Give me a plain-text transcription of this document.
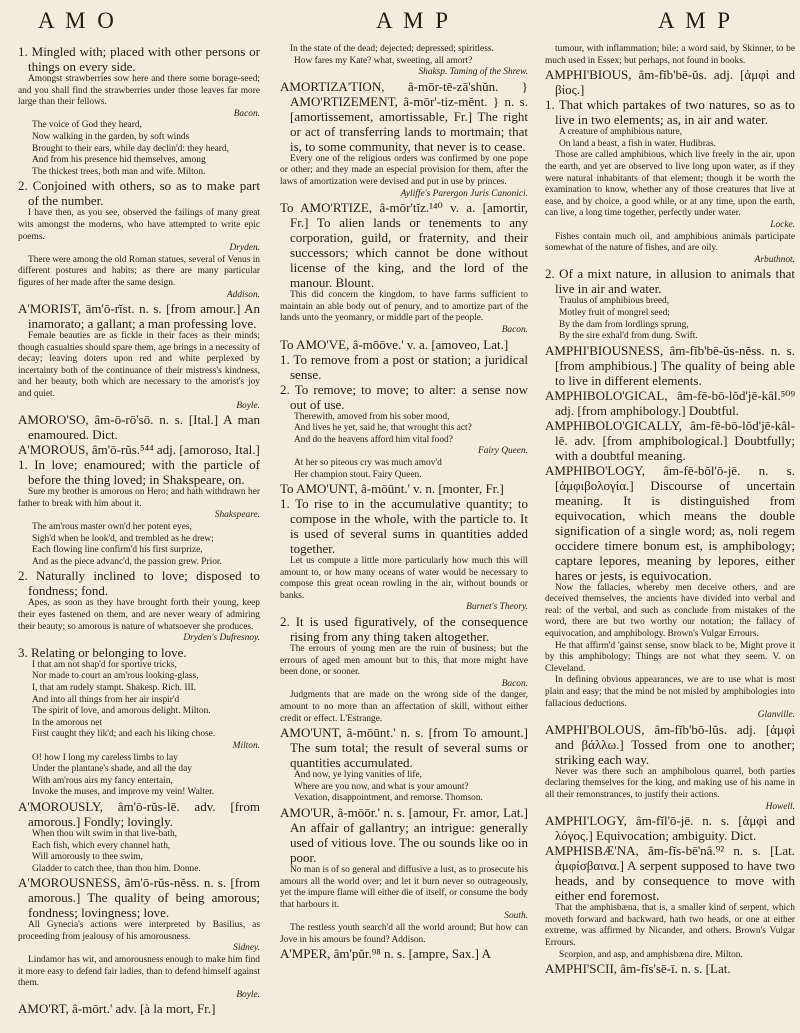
A M O	A M P	A M P

1. Mingled with; placed with other persons or things on every side.

Amongst strawberries sow here and there some borage-seed; and you shall find the strawberries under those leaves far more large than their fellows.

Bacon.

The voice of God they heard,

Now walking in the garden, by soft winds

Brought to their ears, while day declin'd: they heard,

And from his presence hid themselves, among

The thickest trees, both man and wife. Milton.

2. Conjoined with others, so as to make part of the number.

I have then, as you see, observed the failings of many great wits amongst the moderns, who have attempted to write epic poems.

Dryden.

There were among the old Roman statues, several of Venus in different postures and habits; as there are many particular figures of her made after the same design.

Addison.

A'MORIST, ām'ō-rĭst. n. s. [from amour.] An inamorato; a gallant; a man professing love.

Female beauties are as fickle in their faces as their minds; though casualties should spare them, age brings in a necessity of decay; leaving doters upon red and white perplexed by incertainty both of the continuance of their mistress's kindness, and her beauty, both which are necessary to the amorist's joy and quiet.

Boyle.

AMORO'SO, âm-ō-rō'sō. n. s. [Ital.] A man enamoured. Dict.

A'MOROUS, âm'ō-rŭs.⁵⁴⁴ adj. [amoroso, Ital.]

1. In love; enamoured; with the particle of before the thing loved; in Shakspeare, on.

Sure my brother is amorous on Hero; and hath withdrawn her father to break with him about it.

Shakspeare.

The am'rous master own'd her potent eyes,

Sigh'd when he look'd, and trembled as he drew;

Each flowing line confirm'd his first surprize,

And as the piece advanc'd, the passion grew. Prior.

2. Naturally inclined to love; disposed to fondness; fond.

Apes, as soon as they have brought forth their young, keep their eyes fastened on them, and are never weary of admiring their beauty; so amorous is nature of whatsoever she produces.

Dryden's Dufresnoy.

3. Relating or belonging to love.

I that am not shap'd for sportive tricks,

Nor made to court an am'rous looking-glass,

I, that am rudely stampt. Shakesp. Rich. III.

And into all things from her air inspir'd

The spirit of love, and amorous delight. Milton.

In the amorous net

First caught they lik'd; and each his liking chose.

Milton.

O! how I long my careless limbs to lay

Under the plantane's shade, and all the day

With am'rous airs my fancy entertain,

Invoke the muses, and improve my vein! Walter.

A'MOROUSLY, âm'ō-rŭs-lē. adv. [from amorous.] Fondly; lovingly.

When thou wilt swim in that live-bath,

Each fish, which every channel hath,

Will amorously to thee swim,

Gladder to catch thee, than thou him. Donne.

A'MOROUSNESS, âm'ō-rŭs-nĕss. n. s. [from amorous.] The quality of being amorous; fondness; lovingness; love.

All Gynecia's actions were interpreted by Basilius, as proceeding from jealousy of his amorousness.

Sidney.

Lindamor has wit, and amorousness enough to make him find it more easy to defend fair ladies, than to defend himself against them.

Boyle.

AMO'RT, â-mōrt.' adv. [à la mort, Fr.]

In the state of the dead; dejected; depressed; spiritless.

How fares my Kate? what, sweeting, all amort?

Shaksp. Taming of the Shrew.

AMORTIZA'TION, â-mōr-tē-zā'shŭn. } AMO'RTIZEMENT, â-mōr'-tiz-mĕnt. } n. s. [amortissement, amortissable, Fr.] The right or act of transferring lands to mortmain; that is, to some community, that never is to cease.

Every one of the religious orders was confirmed by one pope or other; and they made an especial provision for them, after the laws of amortization were devised and put in use by princes.

Ayliffe's Parergon Juris Canonici.

To AMO'RTIZE, â-mōr'tĭz.¹⁴⁰ v. a. [amortir, Fr.] To alien lands or tenements to any corporation, guild, or fraternity, and their successors; which cannot be done without license of the king, and the lord of the manour. Blount.

This did concern the kingdom, to have farms sufficient to maintain an able body out of penury, and to amortize part of the lands unto the yeomanry, or middle part of the people.

Bacon.

To AMO'VE, â-mōōve.' v. a. [amoveo, Lat.]

1. To remove from a post or station; a juridical sense.

2. To remove; to move; to alter: a sense now out of use.

Therewith, amoved from his sober mood,

And lives he yet, said he, that wrought this act?

And do the heavens afford him vital food?

Fairy Queen.

At her so piteous cry was much amov'd

Her champion stout. Fairy Queen.

To AMO'UNT, â-mōūnt.' v. n. [monter, Fr.]

1. To rise to in the accumulative quantity; to compose in the whole, with the particle to. It is used of several sums in quantities added together.

Let us compute a little more particularly how much this will amount to, or how many oceans of water would be necessary to compose this great ocean rowling in the air, without bounds or banks.

Burnet's Theory.

2. It is used figuratively, of the consequence rising from any thing taken altogether.

The errours of young men are the ruin of business; but the errours of aged men amount but to this, that more might have been done, or sooner.

Bacon.

Judgments that are made on the wrong side of the danger, amount to no more than an affectation of skill, without either credit or effect. L'Estrange.

AMO'UNT, â-mōūnt.' n. s. [from To amount.] The sum total; the result of several sums or quantities accumulated.

And now, ye lying vanities of life,

Where are you now, and what is your amount?

Vexation, disappointment, and remorse. Thomson.

AMO'UR, â-mōōr.' n. s. [amour, Fr. amor, Lat.] An affair of gallantry; an intrigue: generally used of vitious love. The ou sounds like oo in poor.

No man is of so general and diffusive a lust, as to prosecute his amours all the world over; and let it burn never so outrageously, yet the impure flame will either die of itself, or consume the body that harbours it.

South.

The restless youth search'd all the world around; But how can Jove in his amours be found? Addison.

A'MPER, âm'pŭr.⁹⁸ n. s. [ampre, Sax.] A

tumour, with inflammation; bile: a word said, by Skinner, to be much used in Essex; but perhaps, not found in books.

AMPHI'BIOUS, âm-fĭb'bē-ŭs. adj. [ἀμφὶ and βίος.]

1. That which partakes of two natures, so as to live in two elements; as, in air and water.

A creature of amphibious nature,

On land a beast, a fish in water. Hudibras.

Those are called amphibious, which live freely in the air, upon the earth, and yet are observed to live long upon water, as if they were natural inhabitants of that element; though it be worth the examination to know, whether any of those creatures that live at ease, and by choice, a good while, or at any time, upon the earth, can live, a long time together, perfectly under water.

Locke.

Fishes contain much oil, and amphibious animals participate somewhat of the nature of fishes, and are oily.

Arbuthnot.

2. Of a mixt nature, in allusion to animals that live in air and water.

Traulus of amphibious breed,

Motley fruit of mongrel seed;

By the dam from lordlings sprung,

By the sire exhal'd from dung. Swift.

AMPHI'BIOUSNESS, âm-fĭb'bē-ŭs-nĕss. n. s. [from amphibious.] The quality of being able to live in different elements.

AMPHIBOLO'GICAL, âm-fē-bō-lŏd'jē-kâl.⁵⁰⁹ adj. [from amphibology.] Doubtful.

AMPHIBOLO'GICALLY, âm-fē-bō-lŏd'jē-kâl-lē. adv. [from amphibological.] Doubtfully; with a doubtful meaning.

AMPHIBO'LOGY, âm-fē-bŏl'ō-jē. n. s. [ἀμφιβολογία.] Discourse of uncertain meaning. It is distinguished from equivocation, which means the double signification of a single word; as, noli regem occidere timere bonum est, is amphibology; captare lepores, meaning by lepores, either hares or jests, is equivocation.

Now the fallacies, whereby men deceive others, and are deceived themselves, the ancients have divided into verbal and real: of the verbal, and such as conclude from mistakes of the word, there are but two worthy our notation; the fallacy of equivocation, and amphibology. Brown's Vulgar Errours.

He that affirm'd 'gainst sense, snow black to be, Might prove it by this amphibology; Things are not what they seem. V. on Cleveland.

In defining obvious appearances, we are to use what is most plain and easy; that the mind be not misled by amphibologies into fallacious deductions.

Glanville.

AMPHI'BOLOUS, âm-fĭb'bō-lŭs. adj. [ἀμφὶ and βάλλω.] Tossed from one to another; striking each way.

Never was there such an amphibolous quarrel, both parties declaring themselves for the king, and making use of his name in all their remonstrances, to justify their actions.

Howell.

AMPHI'LOGY, âm-fĭl'ō-jē. n. s. [ἀμφὶ and λόγος.] Equivocation; ambiguity. Dict.

AMPHISBÆ'NA, âm-fĭs-bē'nâ.⁹² n. s. [Lat. ἀμφίσβαινα.] A serpent supposed to have two heads, and by consequence to move with either end foremost.

That the amphisbæna, that is, a smaller kind of serpent, which moveth forward and backward, hath two heads, or one at either extreme, was affirmed by Nicander, and others. Brown's Vulgar Errours.

Scorpion, and asp, and amphisbæna dire. Milton.

AMPHI'SCII, âm-fĭs'sē-ī. n. s. [Lat.
